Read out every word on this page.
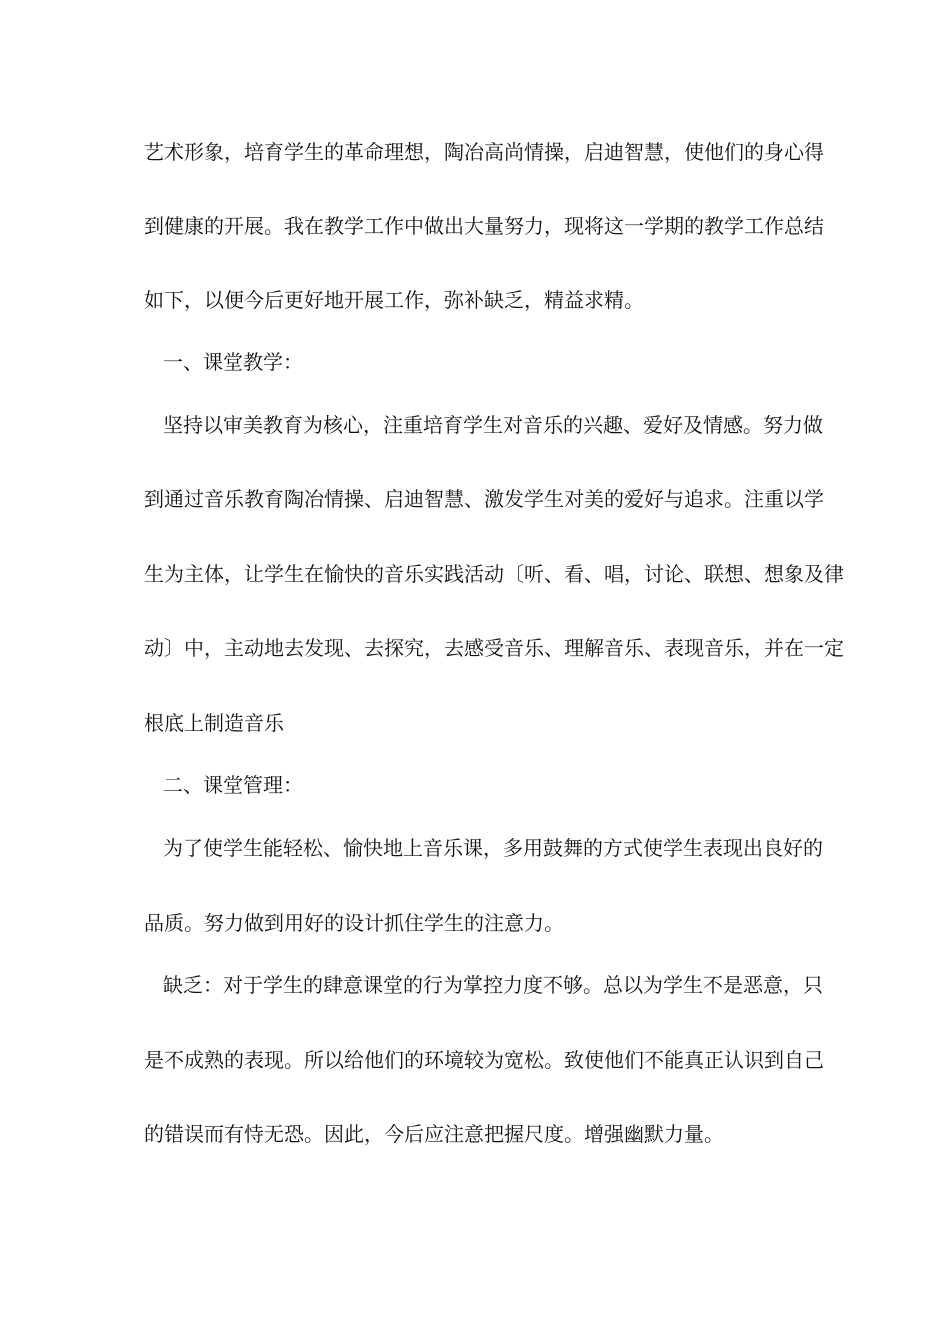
艺术形象，培育学生的革命理想，陶冶高尚情操，启迪智慧，使他们的身心得
到健康的开展。我在教学工作中做出大量努力，现将这一学期的教学工作总结
如下，以便今后更好地开展工作，弥补缺乏，精益求精。
一、课堂教学：
坚持以审美教育为核心，注重培育学生对音乐的兴趣、爱好及情感。努力做
到通过音乐教育陶冶情操、启迪智慧、激发学生对美的爱好与追求。注重以学
生为主体，让学生在愉快的音乐实践活动〔听、看、唱，讨论、联想、想象及律
动〕中，主动地去发现、去探究，去感受音乐、理解音乐、表现音乐，并在一定
根底上制造音乐
二、课堂管理：
为了使学生能轻松、愉快地上音乐课，多用鼓舞的方式使学生表现出良好的
品质。努力做到用好的设计抓住学生的注意力。
缺乏：对于学生的肆意课堂的行为掌控力度不够。总以为学生不是恶意，只
是不成熟的表现。所以给他们的环境较为宽松。致使他们不能真正认识到自己
的错误而有恃无恐。因此，今后应注意把握尺度。增强幽默力量。
